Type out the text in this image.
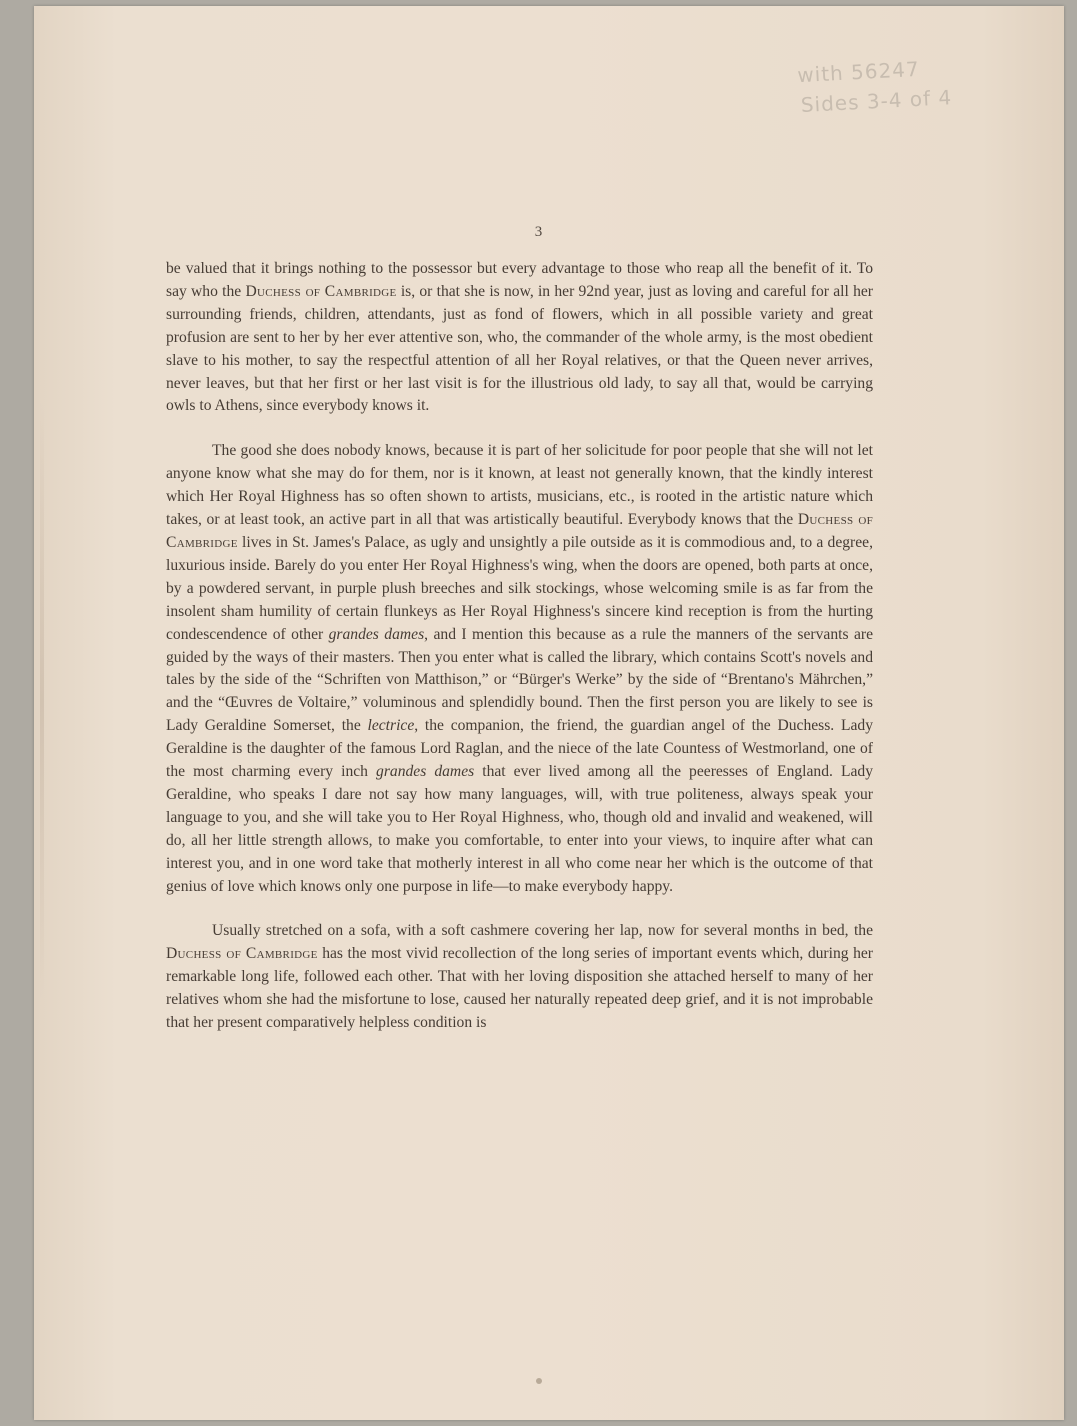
with 56247
Sides 3-4 of 4
3

be valued that it brings nothing to the possessor but every advantage to those who reap all the benefit of it. To say who the Duchess of Cambridge is, or that she is now, in her 92nd year, just as loving and careful for all her surrounding friends, children, attendants, just as fond of flowers, which in all possible variety and great profusion are sent to her by her ever attentive son, who, the commander of the whole army, is the most obedient slave to his mother, to say the respectful attention of all her Royal relatives, or that the Queen never arrives, never leaves, but that her first or her last visit is for the illustrious old lady, to say all that, would be carrying owls to Athens, since everybody knows it.

The good she does nobody knows, because it is part of her solicitude for poor people that she will not let anyone know what she may do for them, nor is it known, at least not generally known, that the kindly interest which Her Royal Highness has so often shown to artists, musicians, etc., is rooted in the artistic nature which takes, or at least took, an active part in all that was artistically beautiful. Everybody knows that the Duchess of Cambridge lives in St. James's Palace, as ugly and unsightly a pile outside as it is commodious and, to a degree, luxurious inside. Barely do you enter Her Royal Highness's wing, when the doors are opened, both parts at once, by a powdered servant, in purple plush breeches and silk stockings, whose welcoming smile is as far from the insolent sham humility of certain flunkeys as Her Royal Highness's sincere kind reception is from the hurting condescendence of other grandes dames, and I mention this because as a rule the manners of the servants are guided by the ways of their masters. Then you enter what is called the library, which contains Scott's novels and tales by the side of the “Schriften von Matthison,” or “Bürger's Werke” by the side of “Brentano's Mährchen,” and the “Œuvres de Voltaire,” voluminous and splendidly bound. Then the first person you are likely to see is Lady Geraldine Somerset, the lectrice, the companion, the friend, the guardian angel of the Duchess. Lady Geraldine is the daughter of the famous Lord Raglan, and the niece of the late Countess of Westmorland, one of the most charming every inch grandes dames that ever lived among all the peeresses of England. Lady Geraldine, who speaks I dare not say how many languages, will, with true politeness, always speak your language to you, and she will take you to Her Royal Highness, who, though old and invalid and weakened, will do, all her little strength allows, to make you comfortable, to enter into your views, to inquire after what can interest you, and in one word take that motherly interest in all who come near her which is the outcome of that genius of love which knows only one purpose in life—to make everybody happy.

Usually stretched on a sofa, with a soft cashmere covering her lap, now for several months in bed, the Duchess of Cambridge has the most vivid recollection of the long series of important events which, during her remarkable long life, followed each other. That with her loving disposition she attached herself to many of her relatives whom she had the misfortune to lose, caused her naturally repeated deep grief, and it is not improbable that her present comparatively helpless condition is
